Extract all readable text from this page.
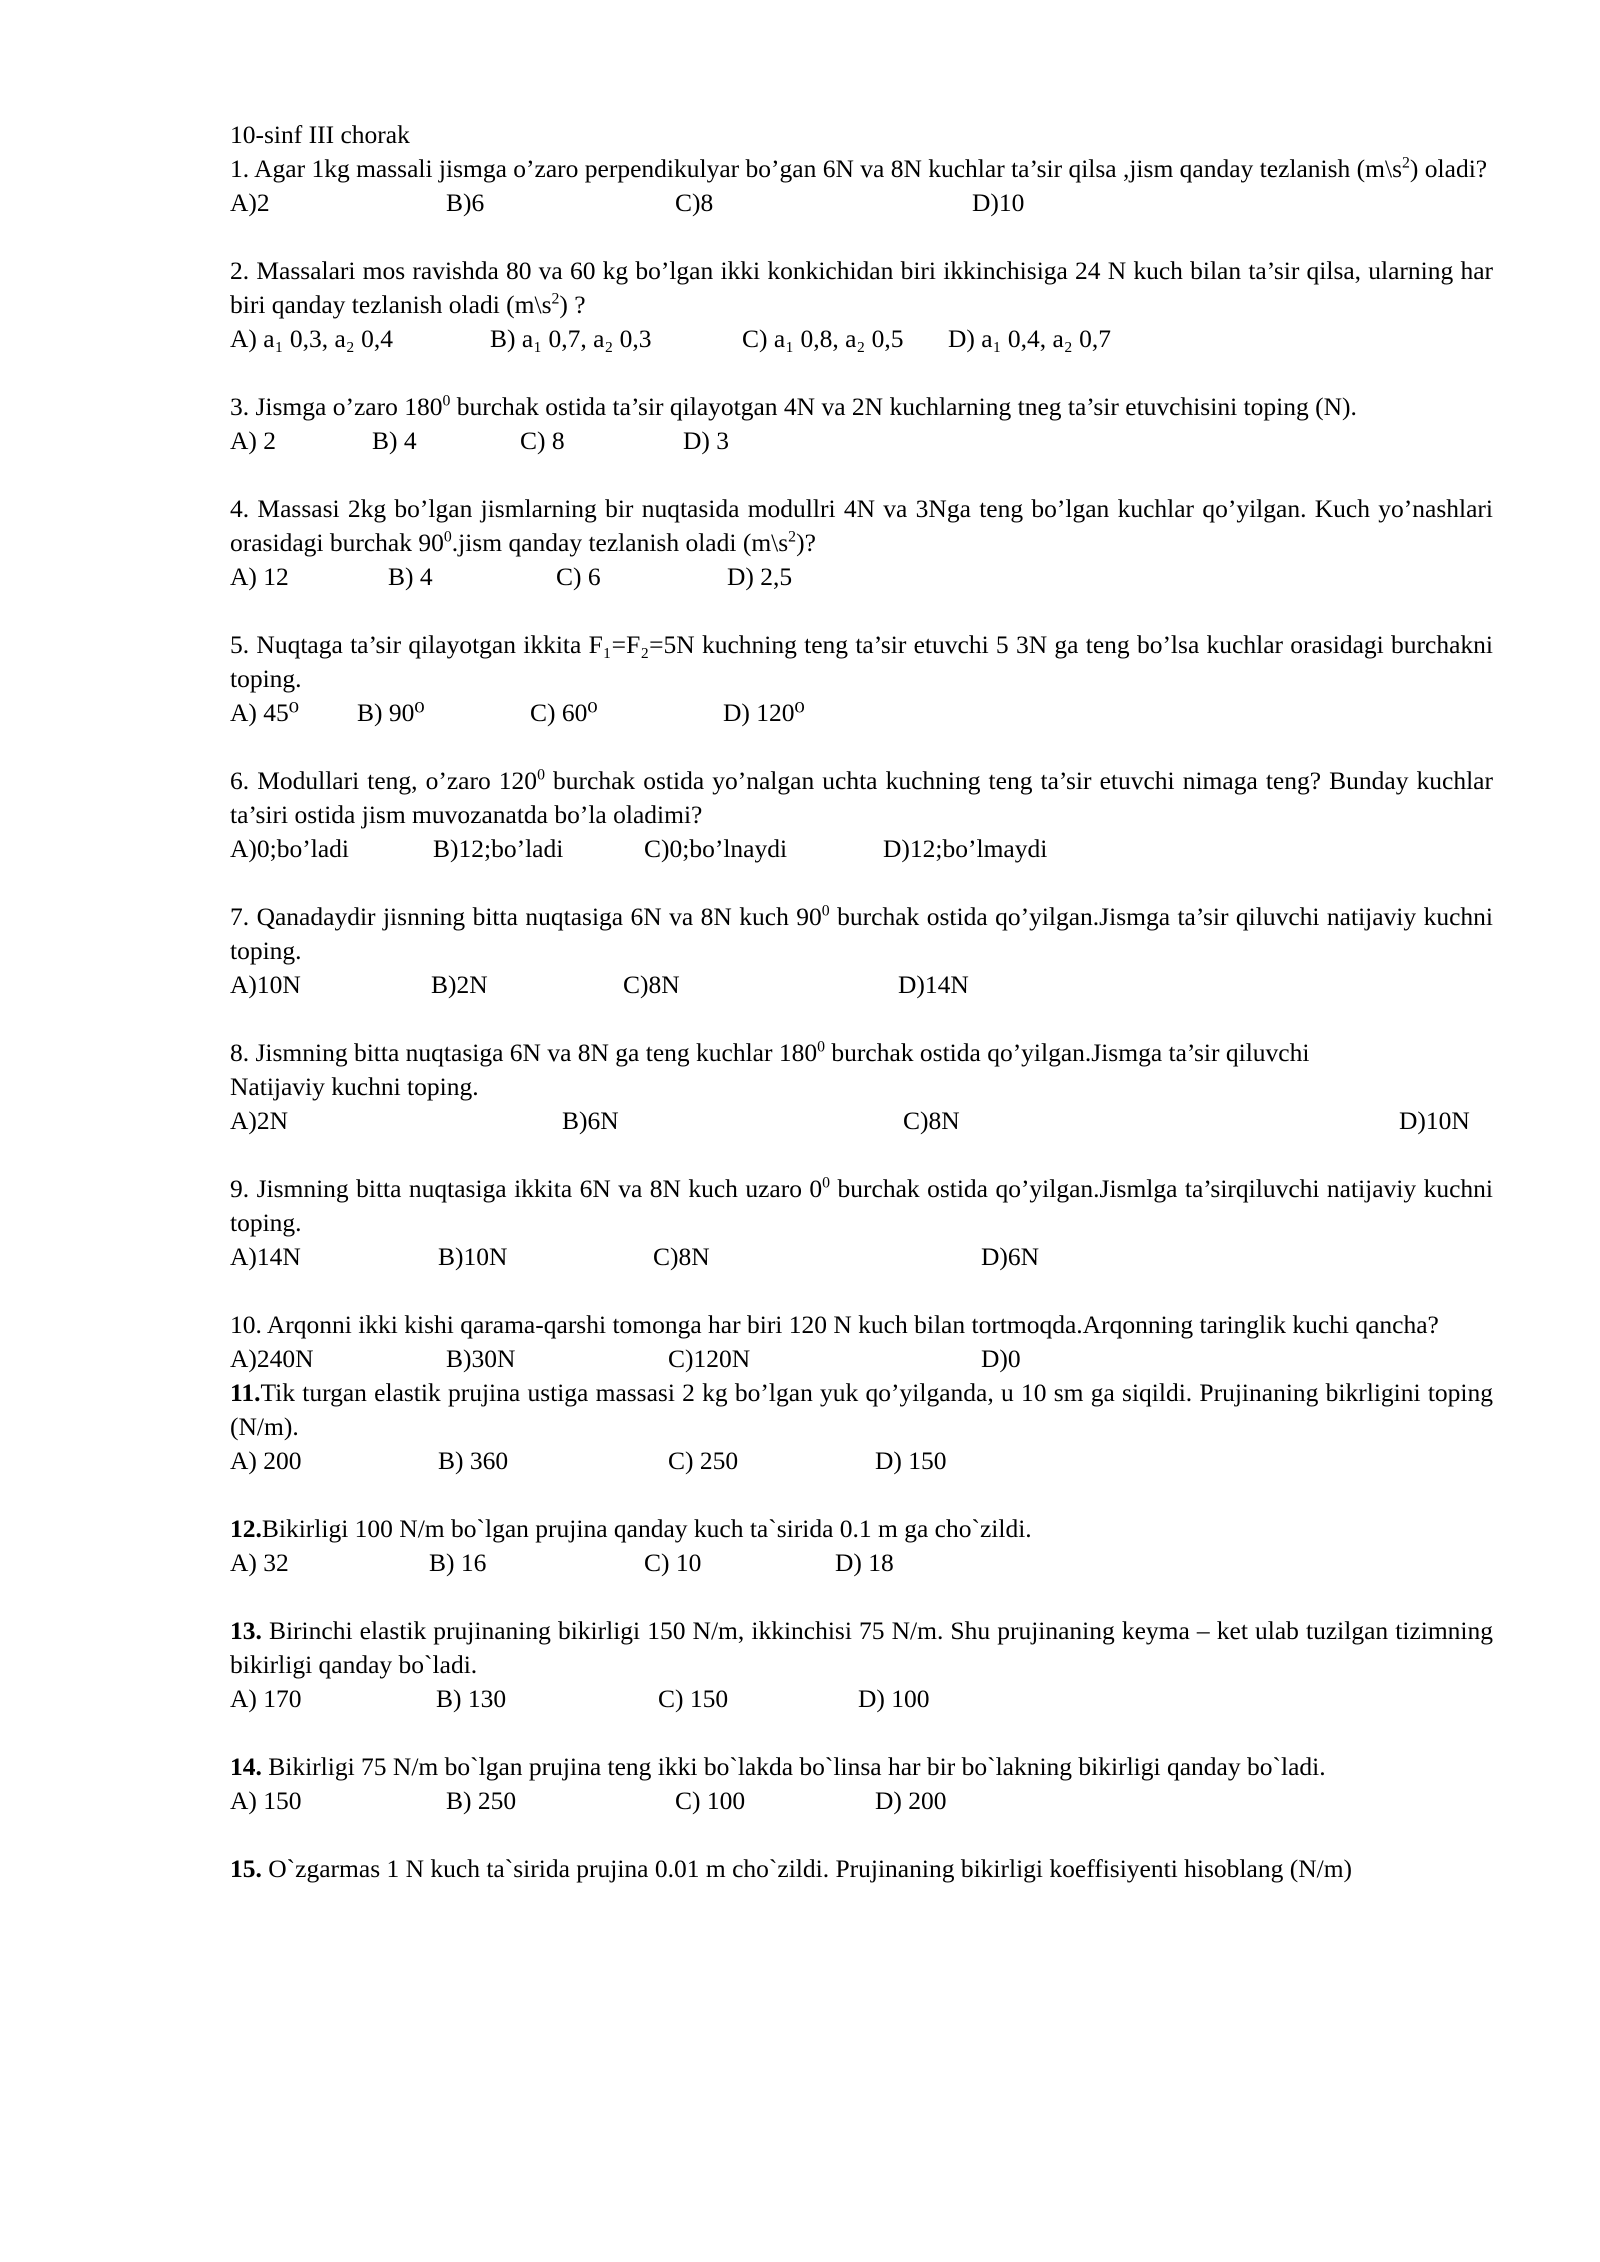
10-sinf III chorak
1. Agar 1kg massali jismga o’zaro perpendikulyar bo’gan 6N va 8N kuchlar ta’sir qilsa ,jism qanday tezlanish $(m\backslash s^2)$ oladi?
A)2	B)6	C)8	D)10
2. Massalari mos ravishda 80 va 60 kg bo’lgan ikki konkichidan biri ikkinchisiga 24 N kuch bilan ta’sir qilsa, ularning har biri qanday tezlanish oladi $(m\backslash s^2)$ ?
A) a₁ 0,3, a₂ 0,4	B) a₁ 0,7, a₂ 0,3	C) a₁ 0,8, a₂ 0,5 D) a₁ 0,4, a₂ 0,7
3. Jismga o’zaro $180^0$ burchak ostida ta’sir qilayotgan 4N va 2N kuchlarning tneg ta’sir etuvchisini toping (N).
A) 2	B) 4	C) 8	D) 3
4. Massasi 2kg bo’lgan jismlarning bir nuqtasida modullri 4N va 3Nga teng bo’lgan kuchlar qo’yilgan. Kuch yo’nashlari orasidagi burchak $90^0.jism$ qanday tezlanish oladi $(m\backslash s^2)$?
A) 12	B) 4	C) 6	D) 2,5
5. Nuqtaga ta’sir qilayotgan ikkita F₁=F₂=5N kuchning teng ta’sir etuvchi 5 3N ga teng bo’lsa kuchlar orasidagi burchakni toping.
A) 45⁰ B) 90⁰	C) 60⁰	D) 120⁰
6. Modullari teng, o’zaro $120^0$ burchak ostida yo’nalgan uchta kuchning teng ta’sir etuvchi nimaga teng? Bunday kuchlar ta’siri ostida jism muvozanatda bo’la oladimi?
A)0;bo’ladi	B)12;bo’ladi	C)0;bo’lnaydi	D)12;bo’lmaydi
7. Qanadaydir jisnning bitta nuqtasiga 6N va 8N kuch $90^0$ burchak ostida qo’yilgan.Jismga ta’sir qiluvchi natijaviy kuchni toping.
A)10N	B)2N	C)8N	D)14N
8. Jismning bitta nuqtasiga 6N va 8N ga teng kuchlar $180^0$ burchak ostida qo’yilgan.Jismga ta’sir qiluvchi
Natijaviy kuchni toping.
A)2N	B)6N	C)8N	D)10N
9. Jismning bitta nuqtasiga ikkita 6N va 8N kuch uzaro $0^0$ burchak ostida qo’yilgan.Jismlga ta’sirqiluvchi natijaviy kuchni toping.
A)14N	B)10N	C)8N	D)6N
10. Arqonni ikki kishi qarama-qarshi tomonga har biri 120 N kuch bilan tortmoqda.Arqonning taringlik kuchi qancha?
A)240N	B)30N	C)120N	D)0
11.Tik turgan elastik prujina ustiga massasi 2 kg bo’lgan yuk qo’yilganda, u 10 sm ga siqildi. Prujinaning bikrligini toping (N/m).
A) 200	B) 360	C) 250	D) 150
12.Bikirligi 100 N/m bo`lgan prujina qanday kuch ta`sirida 0.1 m ga cho`zildi.
A) 32	B) 16	C) 10	D) 18
13. Birinchi elastik prujinaning bikirligi 150 N/m, ikkinchisi 75 N/m. Shu prujinaning keyma – ket ulab tuzilgan tizimning bikirligi qanday bo`ladi.
A) 170	B) 130	C) 150	D) 100
14. Bikirligi 75 N/m bo`lgan prujina teng ikki bo`lakda bo`linsa har bir bo`lakning bikirligi qanday bo`ladi.
A) 150	B) 250	C) 100	D) 200
15. O`zgarmas 1 N kuch ta`sirida prujina 0.01 m cho`zildi. Prujinaning bikirligi koeffisiyenti hisoblang (N/m)
